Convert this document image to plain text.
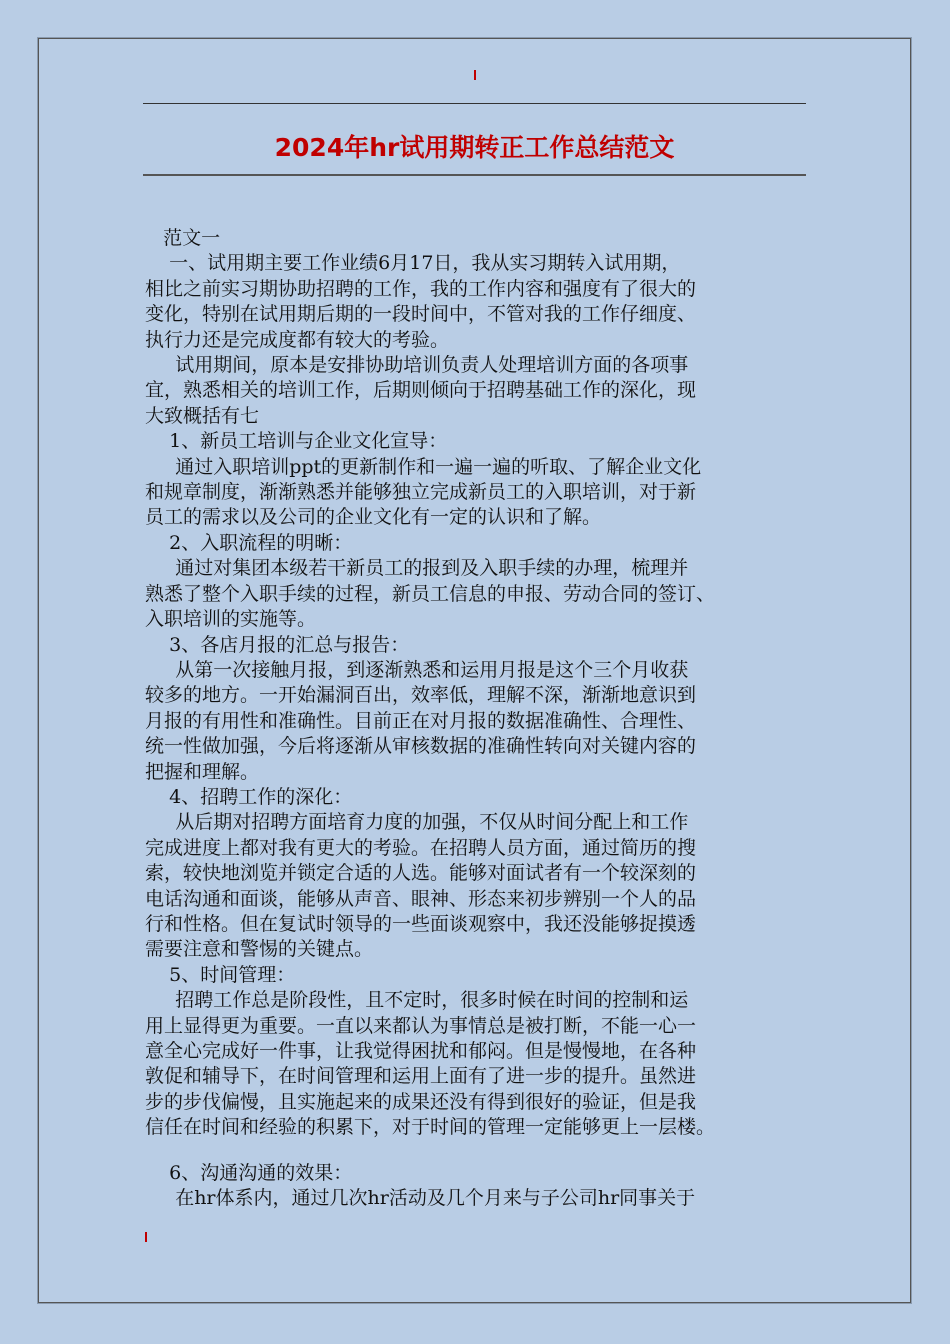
2024年hr试用期转正工作总结范文

范文一

一、试用期主要工作业绩6月17日，我从实习期转入试用期，

相比之前实习期协助招聘的工作，我的工作内容和强度有了很大的

变化，特别在试用期后期的一段时间中，不管对我的工作仔细度、

执行力还是完成度都有较大的考验。

试用期间，原本是安排协助培训负责人处理培训方面的各项事

宜，熟悉相关的培训工作，后期则倾向于招聘基础工作的深化，现

大致概括有七

1、新员工培训与企业文化宣导：

通过入职培训ppt的更新制作和一遍一遍的听取、了解企业文化

和规章制度，渐渐熟悉并能够独立完成新员工的入职培训，对于新

员工的需求以及公司的企业文化有一定的认识和了解。

2、入职流程的明晰：

通过对集团本级若干新员工的报到及入职手续的办理，梳理并

熟悉了整个入职手续的过程，新员工信息的申报、劳动合同的签订、

入职培训的实施等。

3、各店月报的汇总与报告：

从第一次接触月报，到逐渐熟悉和运用月报是这个三个月收获

较多的地方。一开始漏洞百出，效率低，理解不深，渐渐地意识到

月报的有用性和准确性。目前正在对月报的数据准确性、合理性、

统一性做加强，今后将逐渐从审核数据的准确性转向对关键内容的

把握和理解。

4、招聘工作的深化：

从后期对招聘方面培育力度的加强，不仅从时间分配上和工作

完成进度上都对我有更大的考验。在招聘人员方面，通过简历的搜

索，较快地浏览并锁定合适的人选。能够对面试者有一个较深刻的

电话沟通和面谈，能够从声音、眼神、形态来初步辨别一个人的品

行和性格。但在复试时领导的一些面谈观察中，我还没能够捉摸透

需要注意和警惕的关键点。

5、时间管理：

招聘工作总是阶段性，且不定时，很多时候在时间的控制和运

用上显得更为重要。一直以来都认为事情总是被打断，不能一心一

意全心完成好一件事，让我觉得困扰和郁闷。但是慢慢地，在各种

敦促和辅导下，在时间管理和运用上面有了进一步的提升。虽然进

步的步伐偏慢，且实施起来的成果还没有得到很好的验证，但是我

信任在时间和经验的积累下，对于时间的管理一定能够更上一层楼。

6、沟通沟通的效果：

在hr体系内，通过几次hr活动及几个月来与子公司hr同事关于
